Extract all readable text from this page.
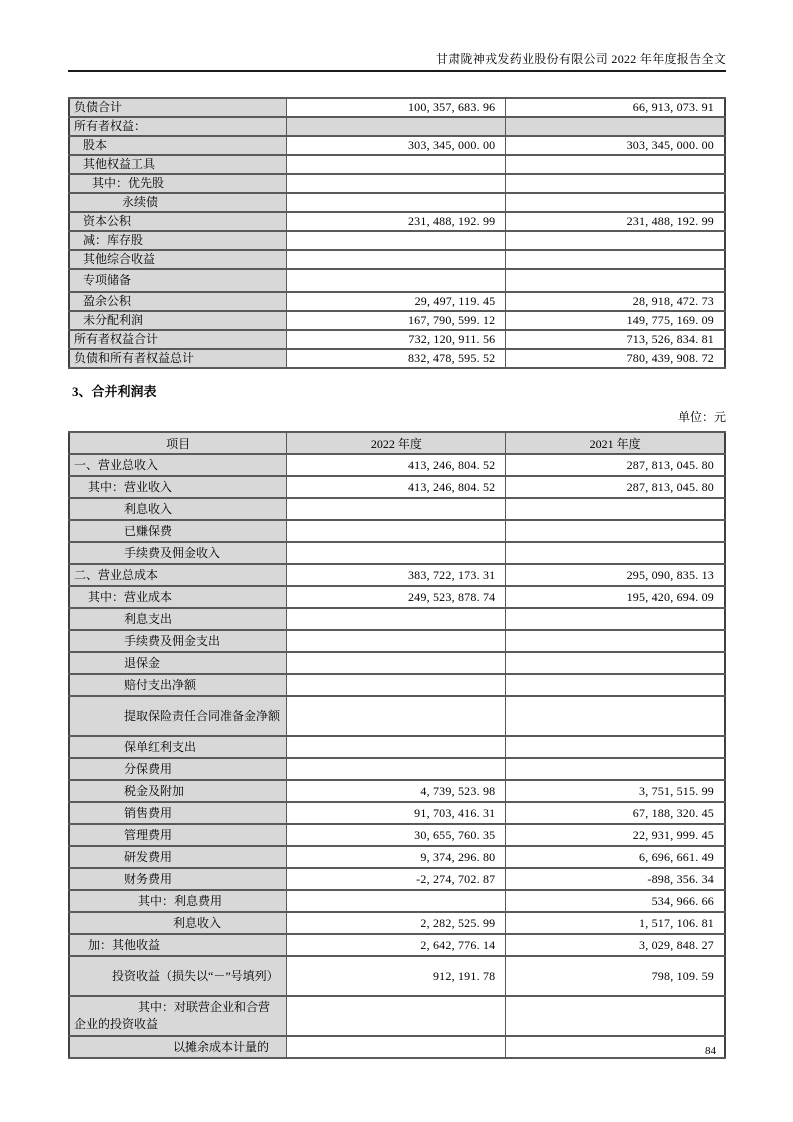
甘肃陇神戎发药业股份有限公司 2022 年年度报告全文
负债合计	100, 357, 683. 96	66, 913, 073. 91
所有者权益：		
股本	303, 345, 000. 00	303, 345, 000. 00
其他权益工具		
其中：优先股		
永续债		
资本公积	231, 488, 192. 99	231, 488, 192. 99
减：库存股		
其他综合收益		
专项储备		
盈余公积	29, 497, 119. 45	28, 918, 472. 73
未分配利润	167, 790, 599. 12	149, 775, 169. 09
所有者权益合计	732, 120, 911. 56	713, 526, 834. 81
负债和所有者权益总计	832, 478, 595. 52	780, 439, 908. 72
3、合并利润表
单位：元
项目	2022 年度	2021 年度
一、营业总收入	413, 246, 804. 52	287, 813, 045. 80
其中：营业收入	413, 246, 804. 52	287, 813, 045. 80
利息收入		
已赚保费		
手续费及佣金收入		
二、营业总成本	383, 722, 173. 31	295, 090, 835. 13
其中：营业成本	249, 523, 878. 74	195, 420, 694. 09
利息支出		
手续费及佣金支出		
退保金		
赔付支出净额		
提取保险责任合同准备金净额		
保单红利支出		
分保费用		
税金及附加	4, 739, 523. 98	3, 751, 515. 99
销售费用	91, 703, 416. 31	67, 188, 320. 45
管理费用	30, 655, 760. 35	22, 931, 999. 45
研发费用	9, 374, 296. 80	6, 696, 661. 49
财务费用	-2, 274, 702. 87	-898, 356. 34
其中：利息费用		534, 966. 66
利息收入	2, 282, 525. 99	1, 517, 106. 81
加：其他收益	2, 642, 776. 14	3, 029, 848. 27
投资收益（损失以“－”号填列）	912, 191. 78	798, 109. 59
其中：对联营企业和合营企业的投资收益		
以摊余成本计量的			84
